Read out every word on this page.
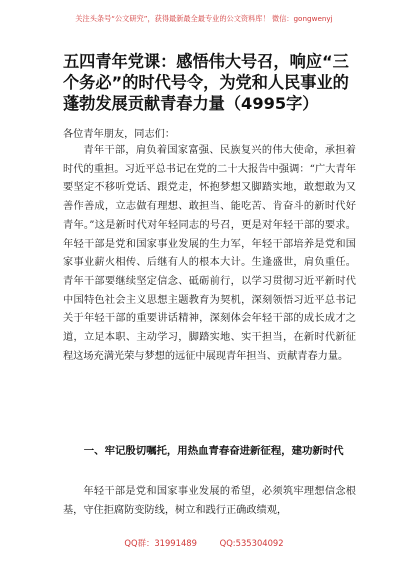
关注头条号“公文研究”，获得最新最全最专业的公文资料库！ 微信：gongwenyj
五四青年党课：感悟伟大号召，响应“三个务必”的时代号令，为党和人民事业的蓬勃发展贡献青春力量（4995字）
各位青年朋友，同志们：

青年干部，肩负着国家富强、民族复兴的伟大使命，承担着时代的重担。习近平总书记在党的二十大报告中强调：“广大青年要坚定不移听党话、跟党走，怀抱梦想又脚踏实地，敢想敢为又善作善成，立志做有理想、敢担当、能吃苦、肯奋斗的新时代好青年。”这是新时代对年轻同志的号召，更是对年轻干部的要求。年轻干部是党和国家事业发展的生力军，年轻干部培养是党和国家事业薪火相传、后继有人的根本大计。生逢盛世，肩负重任。青年干部要继续坚定信念、砥砺前行，以学习贯彻习近平新时代中国特色社会主义思想主题教育为契机，深刻领悟习近平总书记关于年轻干部的重要讲话精神，深刻体会年轻干部的成长成才之道，立足本职、主动学习，脚踏实地、实干担当，在新时代新征程这场充满光荣与梦想的远征中展现青年担当、贡献青春力量。

一、牢记殷切嘱托，用热血青春奋进新征程，建功新时代

年轻干部是党和国家事业发展的希望，必须筑牢理想信念根基，守住拒腐防变防线，树立和践行正确政绩观，

QQ群：31991489	QQ:535304092
